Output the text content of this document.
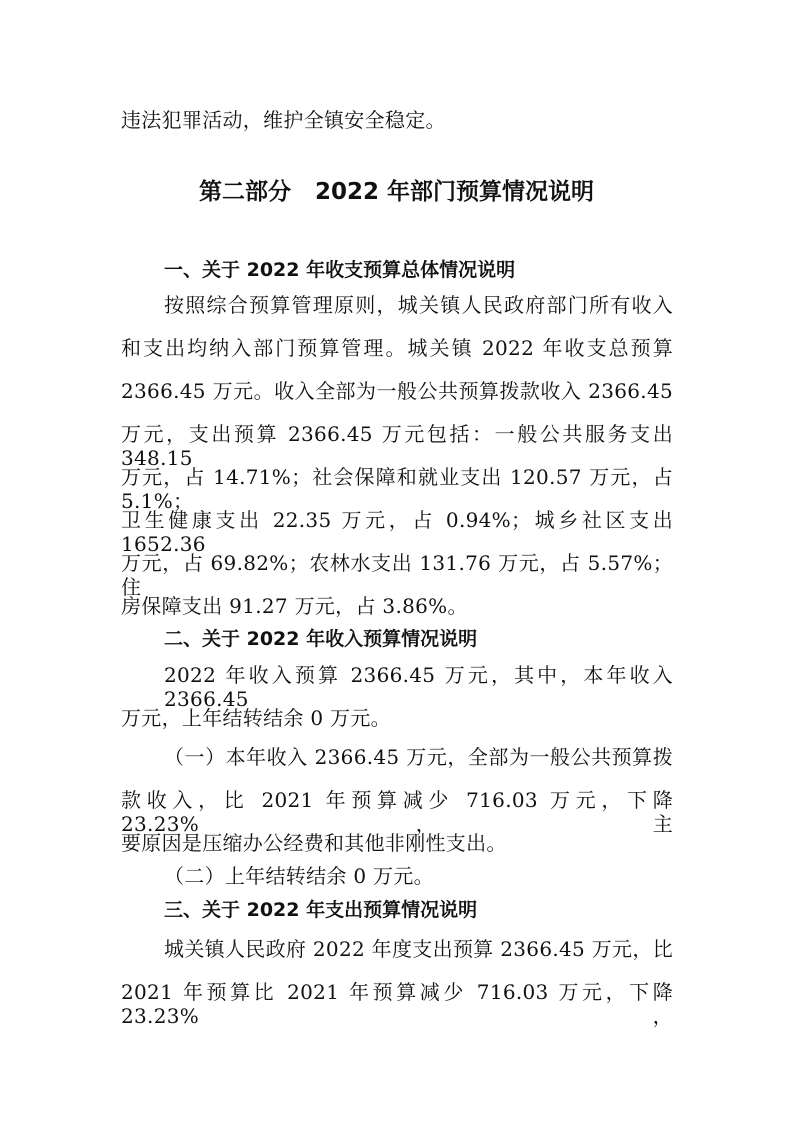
违法犯罪活动，维护全镇安全稳定。
第二部分   2022 年部门预算情况说明
一、关于 2022 年收支预算总体情况说明
按照综合预算管理原则，城关镇人民政府部门所有收入
和支出均纳入部门预算管理。城关镇 2022 年收支总预算
2366.45 万元。收入全部为一般公共预算拨款收入 2366.45
万元，支出预算 2366.45 万元包括：一般公共服务支出 348.15
万元，占 14.71%；社会保障和就业支出 120.57 万元，占 5.1%；
卫生健康支出 22.35 万元，占 0.94%；城乡社区支出 1652.36
万元，占 69.82%；农林水支出 131.76 万元，占 5.57%；住
房保障支出 91.27 万元，占 3.86%。
二、关于 2022 年收入预算情况说明
2022 年收入预算 2366.45 万元，其中，本年收入 2366.45
万元，上年结转结余 0 万元。
（一）本年收入 2366.45 万元，全部为一般公共预算拨
款收入，比 2021 年预算减少 716.03 万元，下降 23.23%，主
要原因是压缩办公经费和其他非刚性支出。
（二）上年结转结余 0 万元。
三、关于 2022 年支出预算情况说明
城关镇人民政府 2022 年度支出预算 2366.45 万元，比
2021 年预算比 2021 年预算减少 716.03 万元，下降 23.23%，
